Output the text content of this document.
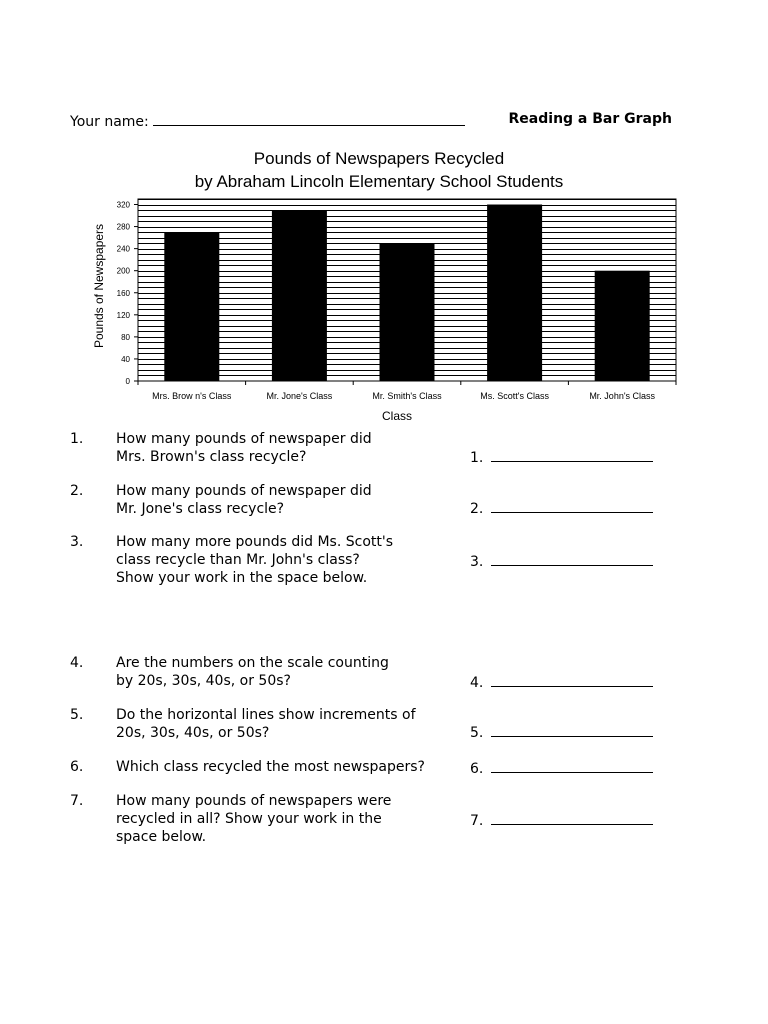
Your name:	Reading a Bar Graph
Pounds of Newspapers Recycled
by Abraham Lincoln Elementary School Students
0
40
80
120
160
200
240
280
320
Mrs. Brow n's Class	Mr. Jone's Class	Mr. Smith's Class	Ms. Scott's Class	Mr. John's Class
Class
Pounds of Newspapers
1. How many pounds of newspaper did
Mrs. Brown's class recycle?	1.
2. How many pounds of newspaper did
Mr. Jone's class recycle?	2.
3. How many more pounds did Ms. Scott's
class recycle than Mr. John's class?
Show your work in the space below.
3.
4. Are the numbers on the scale counting
by 20s, 30s, 40s, or 50s?	4.
5. Do the horizontal lines show increments of
20s, 30s, 40s, or 50s?	5.
6. Which class recycled the most newspapers?	6.
7. How many pounds of newspapers were
recycled in all? Show your work in the
space below.
7.
